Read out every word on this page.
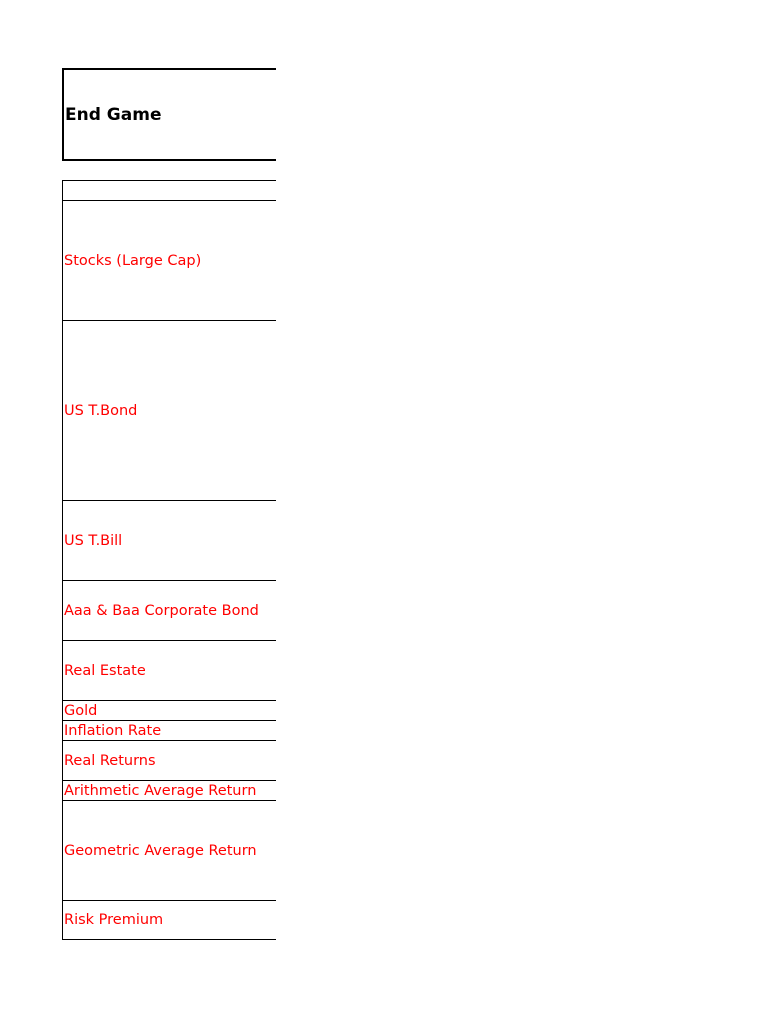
End Game
Stocks (Large Cap)
US T.Bond
US T.Bill
Aaa & Baa Corporate Bond
Real Estate
Gold
Inflation Rate
Real Returns
Arithmetic Average Return
Geometric Average Return
Risk Premium
